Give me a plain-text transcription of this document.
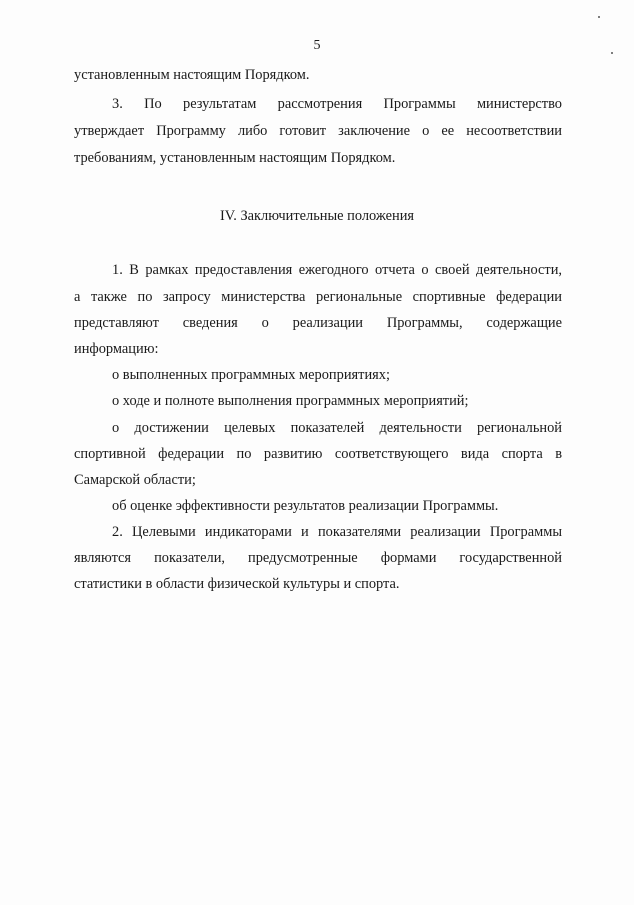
5
установленным настоящим Порядком.
3. По результатам рассмотрения Программы министерство
утверждает Программу либо готовит заключение о ее несоответствии
требованиям, установленным настоящим Порядком.
IV. Заключительные положения
1. В рамках предоставления ежегодного отчета о своей деятельности,
а также по запросу министерства региональные спортивные федерации
представляют сведения о реализации Программы, содержащие
информацию:
о выполненных программных мероприятиях;
о ходе и полноте выполнения программных мероприятий;
о достижении целевых показателей деятельности региональной
спортивной федерации по развитию соответствующего вида спорта в
Самарской области;
об оценке эффективности результатов реализации Программы.
2. Целевыми индикаторами и показателями реализации Программы
являются показатели, предусмотренные формами государственной
статистики в области физической культуры и спорта.
